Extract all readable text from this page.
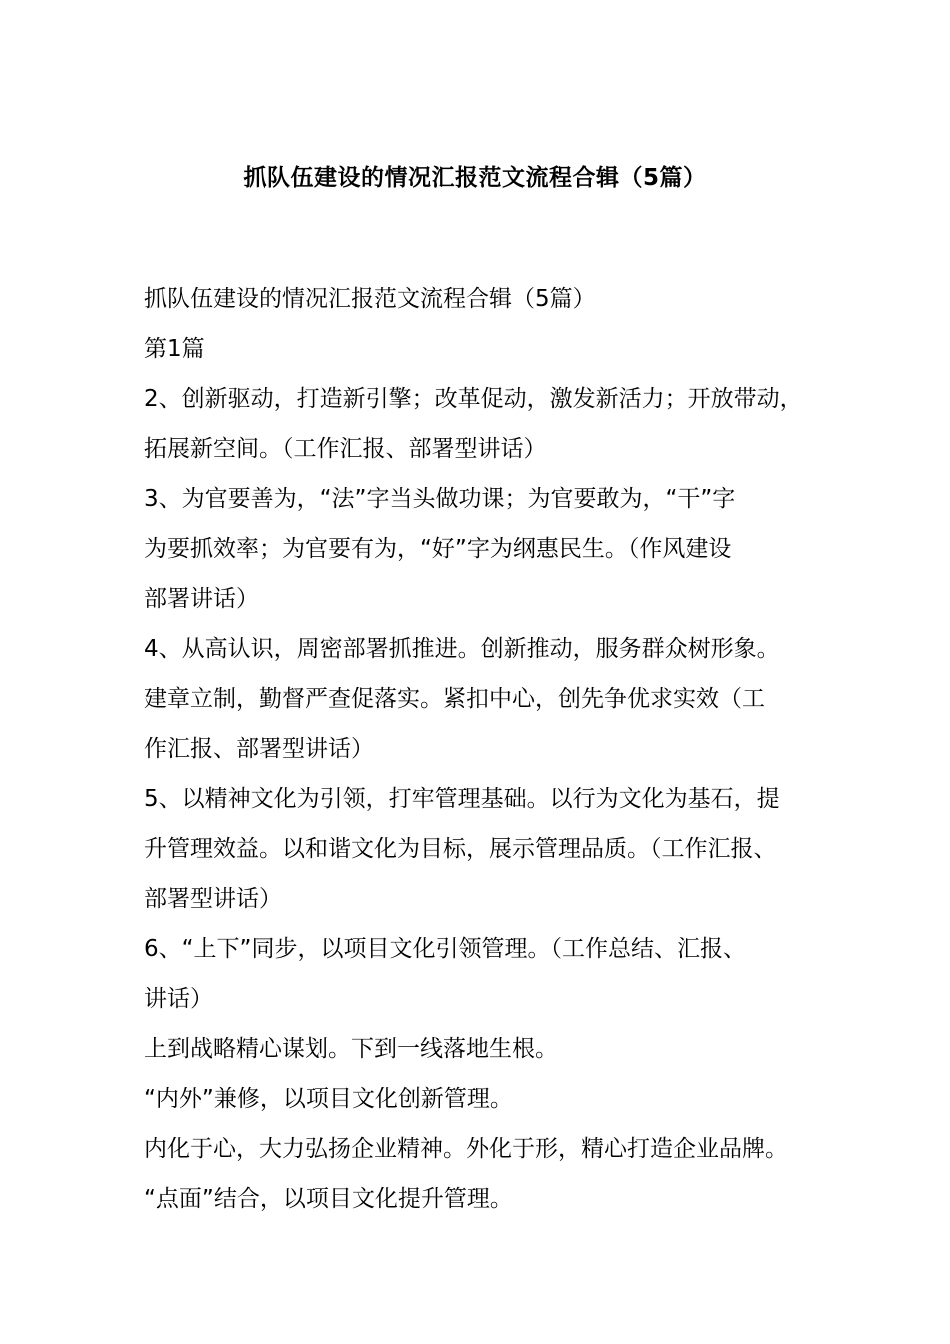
抓队伍建设的情况汇报范文流程合辑（5篇）
抓队伍建设的情况汇报范文流程合辑（5篇）
第1篇
2、创新驱动，打造新引擎；改革促动，激发新活力；开放带动，
拓展新空间。（工作汇报、部署型讲话）
3、为官要善为，“法”字当头做功课；为官要敢为，“干”字
为要抓效率；为官要有为，“好”字为纲惠民生。（作风建设
部署讲话）
4、从高认识，周密部署抓推进。创新推动，服务群众树形象。
建章立制，勤督严查促落实。紧扣中心，创先争优求实效（工
作汇报、部署型讲话）
5、以精神文化为引领，打牢管理基础。以行为文化为基石，提
升管理效益。以和谐文化为目标，展示管理品质。（工作汇报、
部署型讲话）
6、“上下”同步，以项目文化引领管理。（工作总结、汇报、
讲话）
上到战略精心谋划。下到一线落地生根。
“内外”兼修，以项目文化创新管理。
内化于心，大力弘扬企业精神。外化于形，精心打造企业品牌。
“点面”结合，以项目文化提升管理。
